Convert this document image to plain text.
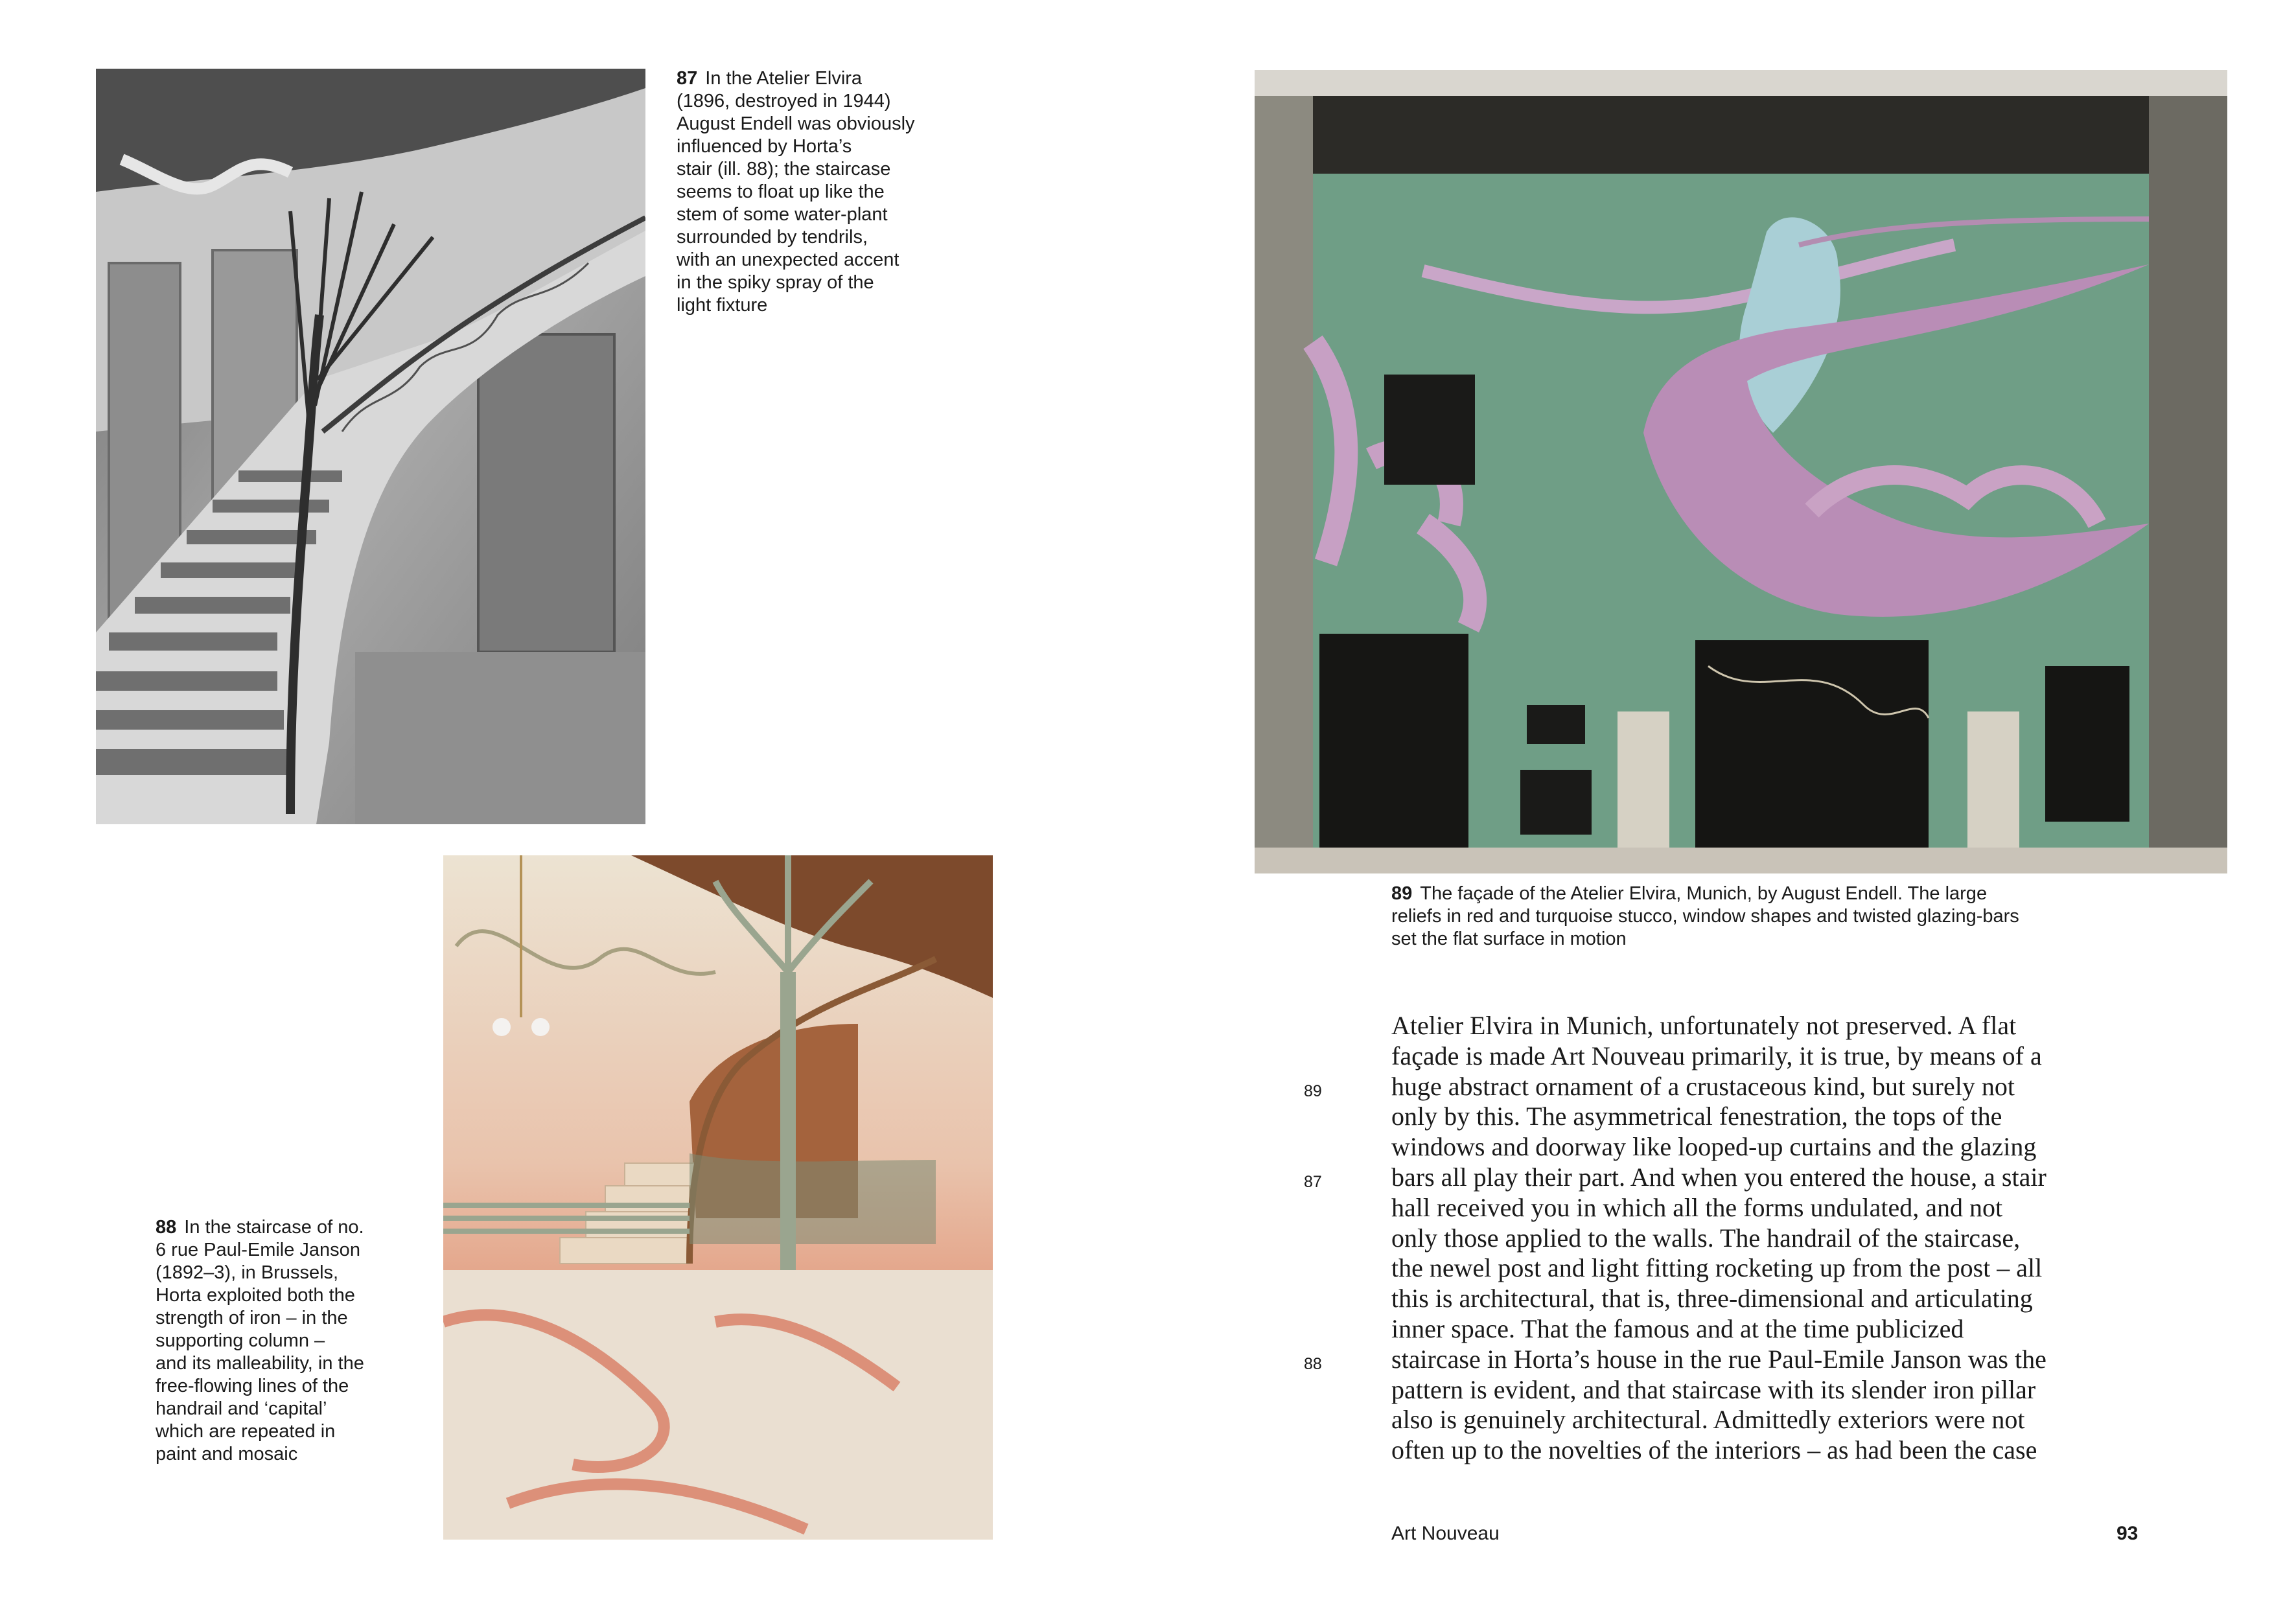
87 In the Atelier Elvira
(1896, destroyed in 1944)
August Endell was obviously
influenced by Horta’s
stair (ill. 88); the staircase
seems to float up like the
stem of some water-plant
surrounded by tendrils,
with an unexpected accent
in the spiky spray of the
light fixture
88 In the staircase of no.
6 rue Paul-Emile Janson
(1892–3), in Brussels,
Horta exploited both the
strength of iron – in the
supporting column –
and its malleability, in the
free-flowing lines of the
handrail and ‘capital’
which are repeated in
paint and mosaic
89 The façade of the Atelier Elvira, Munich, by August Endell. The large
reliefs in red and turquoise stucco, window shapes and twisted glazing-bars
set the flat surface in motion
89
87
88
Atelier Elvira in Munich, unfortunately not preserved. A flat
façade is made Art Nouveau primarily, it is true, by means of a
huge abstract ornament of a crustaceous kind, but surely not
only by this. The asymmetrical fenestration, the tops of the
windows and doorway like looped-up curtains and the glazing
bars all play their part. And when you entered the house, a stair
hall received you in which all the forms undulated, and not
only those applied to the walls. The handrail of the staircase,
the newel post and light fitting rocketing up from the post – all
this is architectural, that is, three-dimensional and articulating
inner space. That the famous and at the time publicized
staircase in Horta’s house in the rue Paul-Emile Janson was the
pattern is evident, and that staircase with its slender iron pillar
also is genuinely architectural. Admittedly exteriors were not
often up to the novelties of the interiors – as had been the case
Art Nouveau	93
